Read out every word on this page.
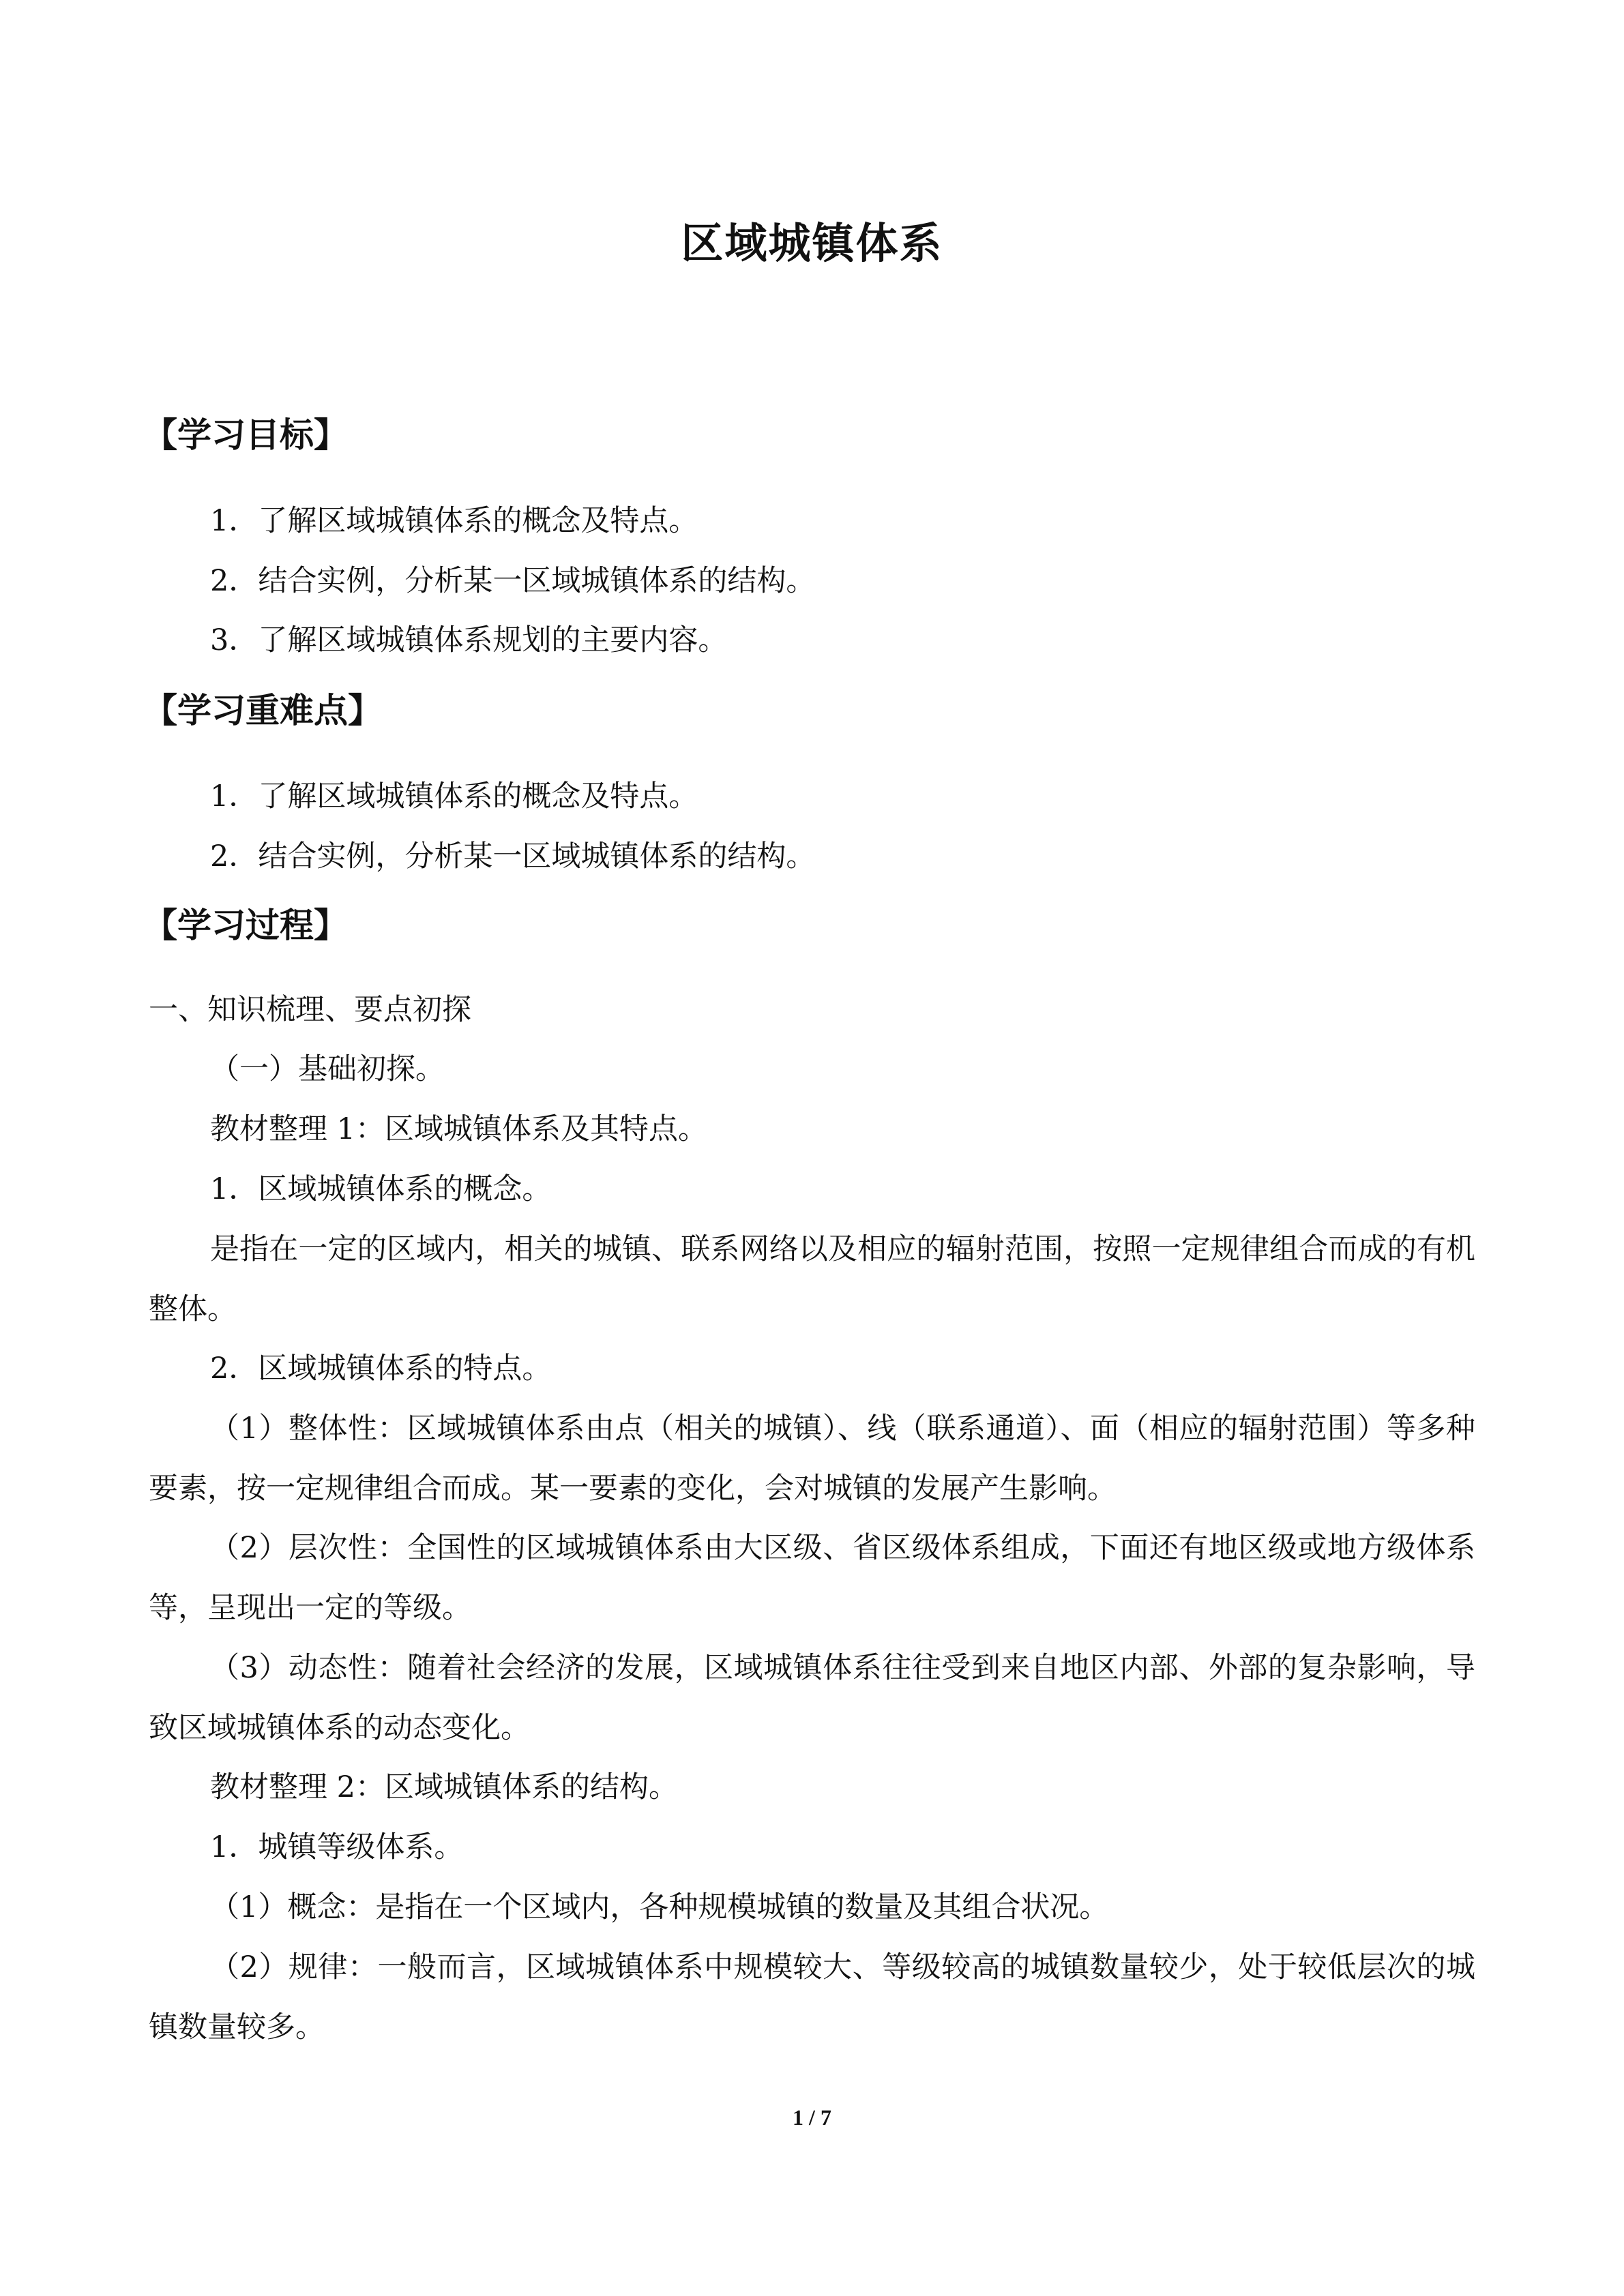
区域城镇体系
【学习目标】
1．了解区域城镇体系的概念及特点。
2．结合实例，分析某一区域城镇体系的结构。
3．了解区域城镇体系规划的主要内容。
【学习重难点】
1．了解区域城镇体系的概念及特点。
2．结合实例，分析某一区域城镇体系的结构。
【学习过程】
一、知识梳理、要点初探
（一）基础初探。
教材整理 1：区域城镇体系及其特点。
1．区域城镇体系的概念。
是指在一定的区域内，相关的城镇、联系网络以及相应的辐射范围，按照一定规律组合而成的有机整体。
2．区域城镇体系的特点。
（1）整体性：区域城镇体系由点（相关的城镇）、线（联系通道）、面（相应的辐射范围）等多种要素，按一定规律组合而成。某一要素的变化，会对城镇的发展产生影响。
（2）层次性：全国性的区域城镇体系由大区级、省区级体系组成，下面还有地区级或地方级体系等，呈现出一定的等级。
（3）动态性：随着社会经济的发展，区域城镇体系往往受到来自地区内部、外部的复杂影响，导致区域城镇体系的动态变化。
教材整理 2：区域城镇体系的结构。
1．城镇等级体系。
（1）概念：是指在一个区域内，各种规模城镇的数量及其组合状况。
（2）规律：一般而言，区域城镇体系中规模较大、等级较高的城镇数量较少，处于较低层次的城镇数量较多。
1 / 7
